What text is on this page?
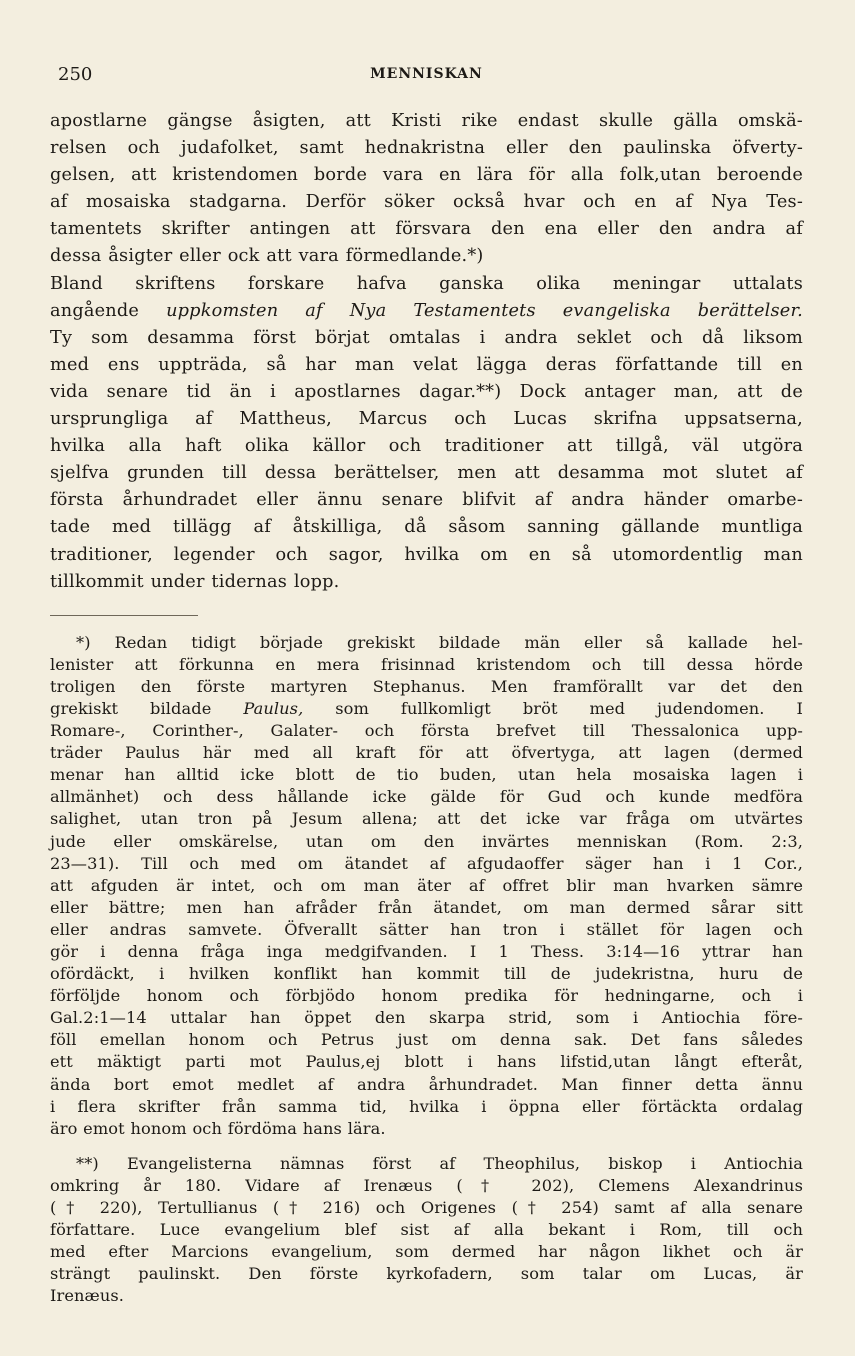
250	MENNISKAN
apostlarne gängse åsigten, att Kristi rike endast skulle gälla omskä-
relsen och judafolket, samt hednakristna eller den paulinska öfverty-
gelsen, att kristendomen borde vara en lära för alla folk,utan beroende
af mosaiska stadgarna. Derför söker också hvar och en af Nya Tes-
tamentets skrifter antingen att försvara den ena eller den andra af
dessa åsigter eller ock att vara förmedlande.*)
Bland skriftens forskare hafva ganska olika meningar uttalats
angående uppkomsten af Nya Testamentets evangeliska berättelser.
Ty som desamma först börjat omtalas i andra seklet och då liksom
med ens uppträda, så har man velat lägga deras författande till en
vida senare tid än i apostlarnes dagar.**) Dock antager man, att de
ursprungliga af Mattheus, Marcus och Lucas skrifna uppsatserna,
hvilka alla haft olika källor och traditioner att tillgå, väl utgöra
sjelfva grunden till dessa berättelser, men att desamma mot slutet af
första århundradet eller ännu senare blifvit af andra händer omarbe-
tade med tillägg af åtskilliga, då såsom sanning gällande muntliga
traditioner, legender och sagor, hvilka om en så utomordentlig man
tillkommit under tidernas lopp.
*) Redan tidigt började grekiskt bildade män eller så kallade hel-
lenister att förkunna en mera frisinnad kristendom och till dessa hörde
troligen den förste martyren Stephanus. Men framförallt var det den
grekiskt bildade Paulus, som fullkomligt bröt med judendomen. I
Romare-, Corinther-, Galater- och första brefvet till Thessalonica upp-
träder Paulus här med all kraft för att öfvertyga, att lagen (dermed
menar han alltid icke blott de tio buden, utan hela mosaiska lagen i
allmänhet) och dess hållande icke gälde för Gud och kunde medföra
salighet, utan tron på Jesum allena; att det icke var fråga om utvärtes
jude eller omskärelse, utan om den invärtes menniskan (Rom. 2:3,
23—31). Till och med om ätandet af afgudaoffer säger han i 1 Cor.,
att afguden är intet, och om man äter af offret blir man hvarken sämre
eller bättre; men han afråder från ätandet, om man dermed sårar sitt
eller andras samvete. Öfverallt sätter han tron i stället för lagen och
gör i denna fråga inga medgifvanden. I 1 Thess. 3:14—16 yttrar han
ofördäckt, i hvilken konflikt han kommit till de judekristna, huru de
förföljde honom och förbjödo honom predika för hedningarne, och i
Gal.2:1—14 uttalar han öppet den skarpa strid, som i Antiochia före-
föll emellan honom och Petrus just om denna sak. Det fans således
ett mäktigt parti mot Paulus,ej blott i hans lifstid,utan långt efteråt,
ända bort emot medlet af andra århundradet. Man finner detta ännu
i flera skrifter från samma tid, hvilka i öppna eller förtäckta ordalag
äro emot honom och fördöma hans lära.
**) Evangelisterna nämnas först af Theophilus, biskop i Antiochia
omkring år 180. Vidare af Irenæus († 202), Clemens Alexandrinus
(† 220), Tertullianus († 216) och Origenes († 254) samt af alla senare
författare. Luce evangelium blef sist af alla bekant i Rom, till och
med efter Marcions evangelium, som dermed har någon likhet och är
strängt paulinskt. Den förste kyrkofadern, som talar om Lucas, är
Irenæus.
